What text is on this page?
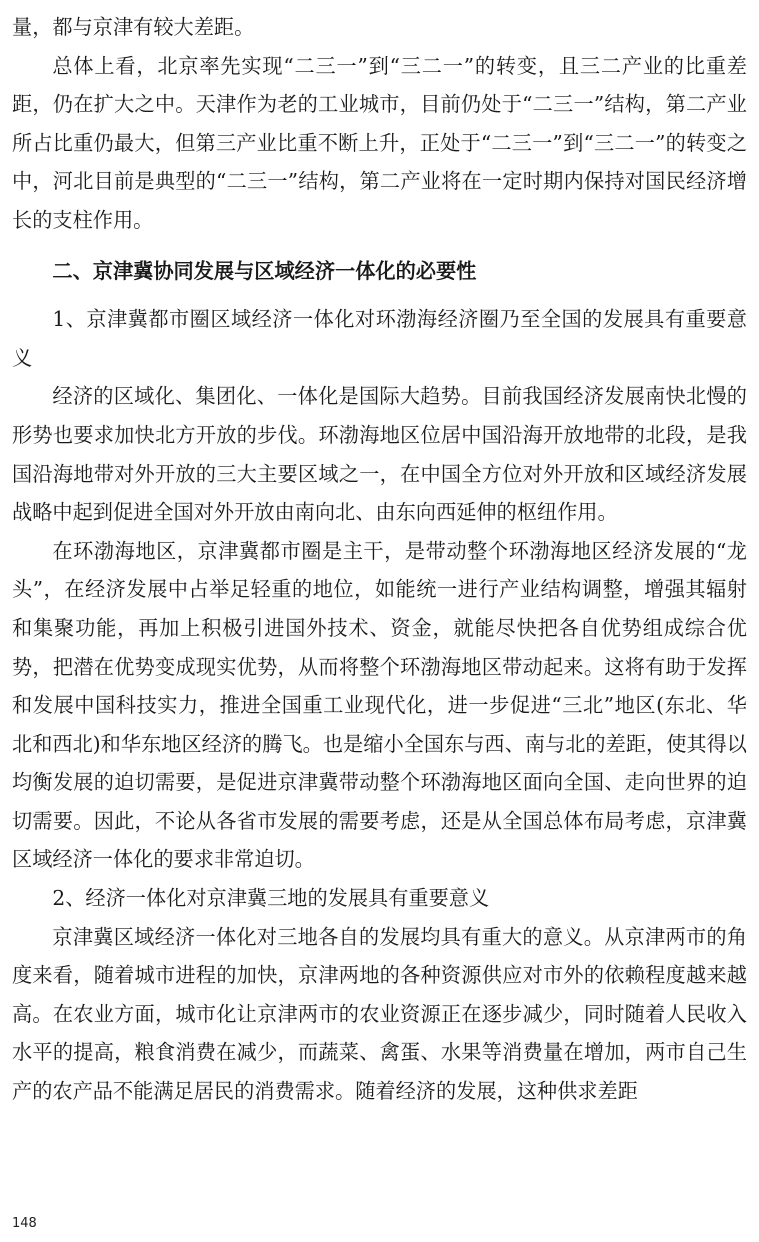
量，都与京津有较大差距。

总体上看，北京率先实现“二三一”到“三二一”的转变，且三二产业的比重差距，仍在扩大之中。天津作为老的工业城市，目前仍处于“二三一”结构，第二产业所占比重仍最大，但第三产业比重不断上升，正处于“二三一”到“三二一”的转变之中，河北目前是典型的“二三一”结构，第二产业将在一定时期内保持对国民经济增长的支柱作用。

二、京津冀协同发展与区域经济一体化的必要性

1、京津冀都市圈区域经济一体化对环渤海经济圈乃至全国的发展具有重要意义

经济的区域化、集团化、一体化是国际大趋势。目前我国经济发展南快北慢的形势也要求加快北方开放的步伐。环渤海地区位居中国沿海开放地带的北段，是我国沿海地带对外开放的三大主要区域之一，在中国全方位对外开放和区域经济发展战略中起到促进全国对外开放由南向北、由东向西延伸的枢纽作用。

在环渤海地区，京津冀都市圈是主干，是带动整个环渤海地区经济发展的“龙头”，在经济发展中占举足轻重的地位，如能统一进行产业结构调整，增强其辐射和集聚功能，再加上积极引进国外技术、资金，就能尽快把各自优势组成综合优势，把潜在优势变成现实优势，从而将整个环渤海地区带动起来。这将有助于发挥和发展中国科技实力，推进全国重工业现代化，进一步促进“三北”地区(东北、华北和西北)和华东地区经济的腾飞。也是缩小全国东与西、南与北的差距，使其得以均衡发展的迫切需要，是促进京津冀带动整个环渤海地区面向全国、走向世界的迫切需要。因此，不论从各省市发展的需要考虑，还是从全国总体布局考虑，京津冀区域经济一体化的要求非常迫切。

2、经济一体化对京津冀三地的发展具有重要意义

京津冀区域经济一体化对三地各自的发展均具有重大的意义。从京津两市的角度来看，随着城市进程的加快，京津两地的各种资源供应对市外的依赖程度越来越高。在农业方面，城市化让京津两市的农业资源正在逐步减少，同时随着人民收入水平的提高，粮食消费在减少，而蔬菜、禽蛋、水果等消费量在增加，两市自己生产的农产品不能满足居民的消费需求。随着经济的发展，这种供求差距

148
